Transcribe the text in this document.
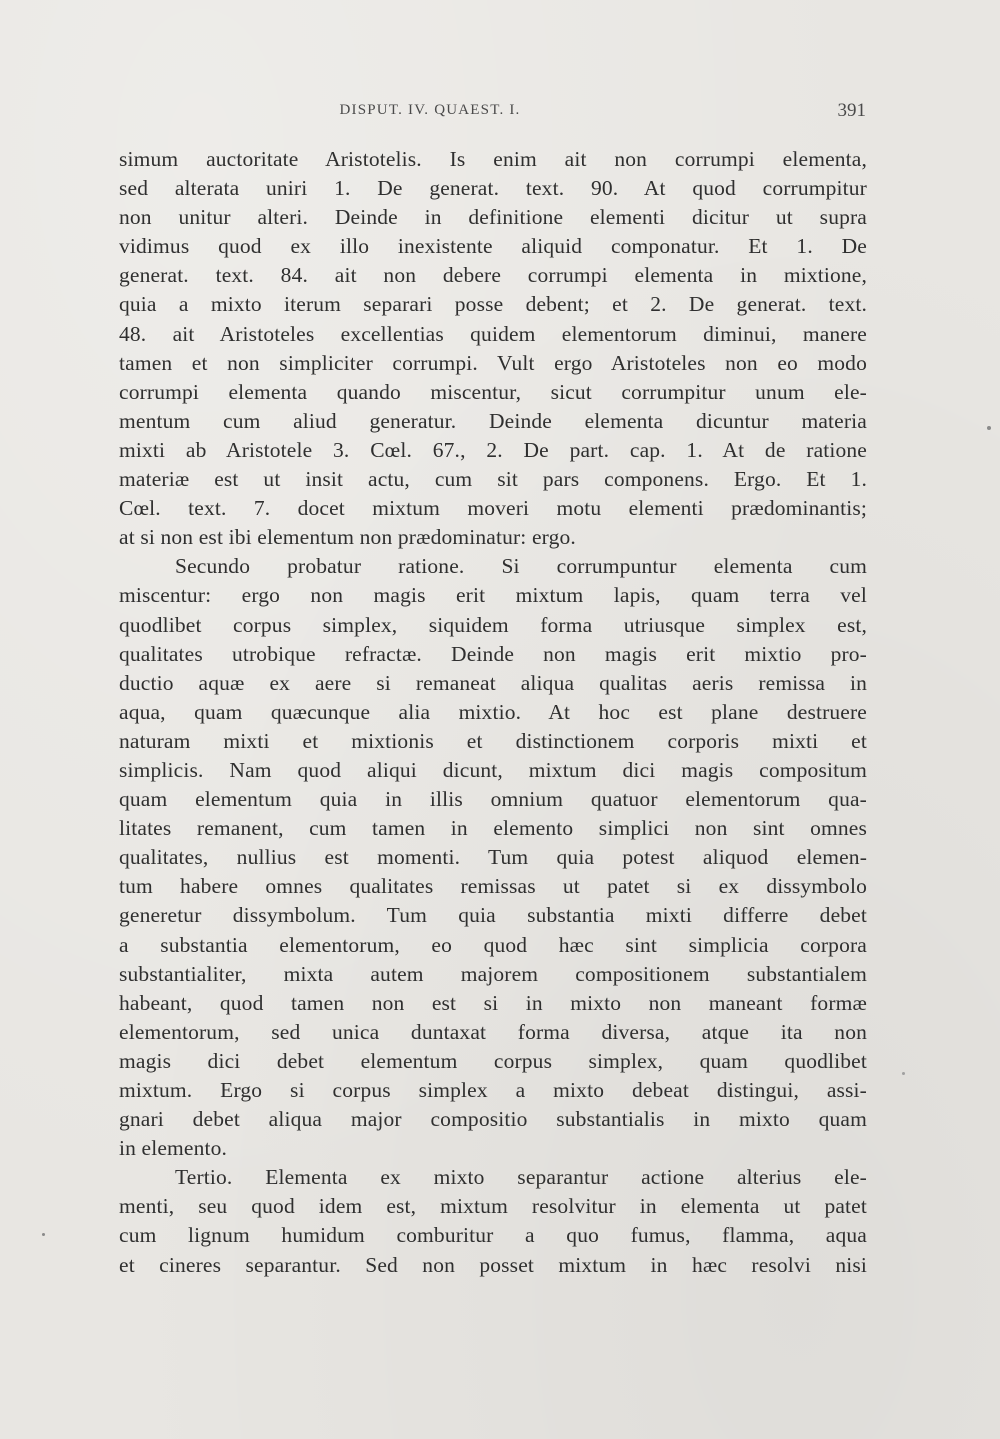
DISPUT. IV. QUAEST. I.	391
simum auctoritate Aristotelis. Is enim ait non corrumpi elementa,
sed alterata uniri 1. De generat. text. 90. At quod corrumpitur
non unitur alteri. Deinde in definitione elementi dicitur ut supra
vidimus quod ex illo inexistente aliquid componatur. Et 1. De
generat. text. 84. ait non debere corrumpi elementa in mixtione,
quia a mixto iterum separari posse debent; et 2. De generat. text.
48. ait Aristoteles excellentias quidem elementorum diminui, manere
tamen et non simpliciter corrumpi. Vult ergo Aristoteles non eo modo
corrumpi elementa quando miscentur, sicut corrumpitur unum ele-
mentum cum aliud generatur. Deinde elementa dicuntur materia
mixti ab Aristotele 3. Cœl. 67., 2. De part. cap. 1. At de ratione
materiæ est ut insit actu, cum sit pars componens. Ergo. Et 1.
Cœl. text. 7. docet mixtum moveri motu elementi prædominantis;
at si non est ibi elementum non prædominatur: ergo.
Secundo probatur ratione. Si corrumpuntur elementa cum
miscentur: ergo non magis erit mixtum lapis, quam terra vel
quodlibet corpus simplex, siquidem forma utriusque simplex est,
qualitates utrobique refractæ. Deinde non magis erit mixtio pro-
ductio aquæ ex aere si remaneat aliqua qualitas aeris remissa in
aqua, quam quæcunque alia mixtio. At hoc est plane destruere
naturam mixti et mixtionis et distinctionem corporis mixti et
simplicis. Nam quod aliqui dicunt, mixtum dici magis compositum
quam elementum quia in illis omnium quatuor elementorum qua-
litates remanent, cum tamen in elemento simplici non sint omnes
qualitates, nullius est momenti. Tum quia potest aliquod elemen-
tum habere omnes qualitates remissas ut patet si ex dissymbolo
generetur dissymbolum. Tum quia substantia mixti differre debet
a substantia elementorum, eo quod hæc sint simplicia corpora
substantialiter, mixta autem majorem compositionem substantialem
habeant, quod tamen non est si in mixto non maneant formæ
elementorum, sed unica duntaxat forma diversa, atque ita non
magis dici debet elementum corpus simplex, quam quodlibet
mixtum. Ergo si corpus simplex a mixto debeat distingui, assi-
gnari debet aliqua major compositio substantialis in mixto quam
in elemento.
Tertio. Elementa ex mixto separantur actione alterius ele-
menti, seu quod idem est, mixtum resolvitur in elementa ut patet
cum lignum humidum comburitur a quo fumus, flamma, aqua
et cineres separantur. Sed non posset mixtum in hæc resolvi nisi
